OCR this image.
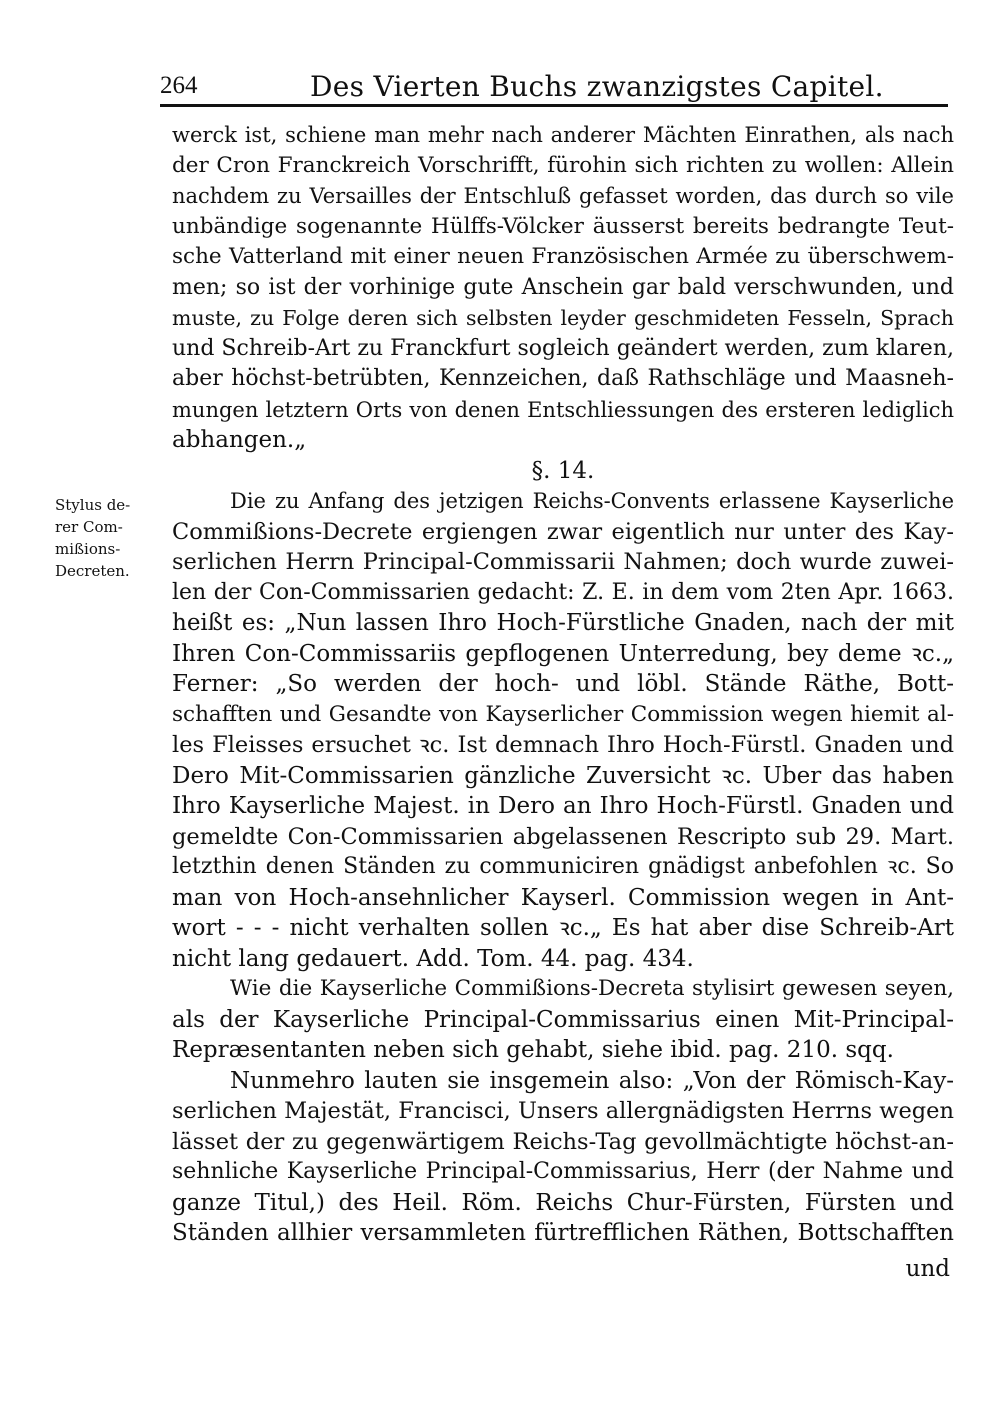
264	Des Vierten Buchs zwanzigstes Capitel.
Stylus de-
rer Com-
mißions-
Decreten.
werck ist, schiene man mehr nach anderer Mächten Einrathen, als nach
der Cron Franckreich Vorschrifft, fürohin sich richten zu wollen: Allein
nachdem zu Versailles der Entschluß gefasset worden, das durch so vile
unbändige sogenannte Hülffs-Völcker äusserst bereits bedrangte Teut-
sche Vatterland mit einer neuen Französischen Armée zu überschwem-
men; so ist der vorhinige gute Anschein gar bald verschwunden, und
muste, zu Folge deren sich selbsten leyder geschmideten Fesseln, Sprach
und Schreib-Art zu Franckfurt sogleich geändert werden, zum klaren,
aber höchst-betrübten, Kennzeichen, daß Rathschläge und Maasneh-
mungen letztern Orts von denen Entschliessungen des ersteren lediglich
abhangen.„
§. 14.
Die zu Anfang des jetzigen Reichs-Convents erlassene Kayserliche
Commißions-Decrete ergiengen zwar eigentlich nur unter des Kay-
serlichen Herrn Principal-Commissarii Nahmen; doch wurde zuwei-
len der Con-Commissarien gedacht: Z. E. in dem vom 2ten Apr. 1663.
heißt es: „Nun lassen Ihro Hoch-Fürstliche Gnaden, nach der mit
Ihren Con-Commissariis gepflogenen Unterredung, bey deme ꝛc.„
Ferner: „So werden der hoch- und löbl. Stände Räthe, Bott-
schafften und Gesandte von Kayserlicher Commission wegen hiemit al-
les Fleisses ersuchet ꝛc. Ist demnach Ihro Hoch-Fürstl. Gnaden und
Dero Mit-Commissarien gänzliche Zuversicht ꝛc. Uber das haben
Ihro Kayserliche Majest. in Dero an Ihro Hoch-Fürstl. Gnaden und
gemeldte Con-Commissarien abgelassenen Rescripto sub 29. Mart.
letzthin denen Ständen zu communiciren gnädigst anbefohlen ꝛc. So
man von Hoch-ansehnlicher Kayserl. Commission wegen in Ant-
wort - - - nicht verhalten sollen ꝛc.„ Es hat aber dise Schreib-Art
nicht lang gedauert. Add. Tom. 44. pag. 434.
Wie die Kayserliche Commißions-Decreta stylisirt gewesen seyen,
als der Kayserliche Principal-Commissarius einen Mit-Principal-
Repræsentanten neben sich gehabt, siehe ibid. pag. 210. sqq.
Nunmehro lauten sie insgemein also: „Von der Römisch-Kay-
serlichen Majestät, Francisci, Unsers allergnädigsten Herrns wegen
lässet der zu gegenwärtigem Reichs-Tag gevollmächtigte höchst-an-
sehnliche Kayserliche Principal-Commissarius, Herr (der Nahme und
ganze Titul,) des Heil. Röm. Reichs Chur-Fürsten, Fürsten und
Ständen allhier versammleten fürtrefflichen Räthen, Bottschafften
und
